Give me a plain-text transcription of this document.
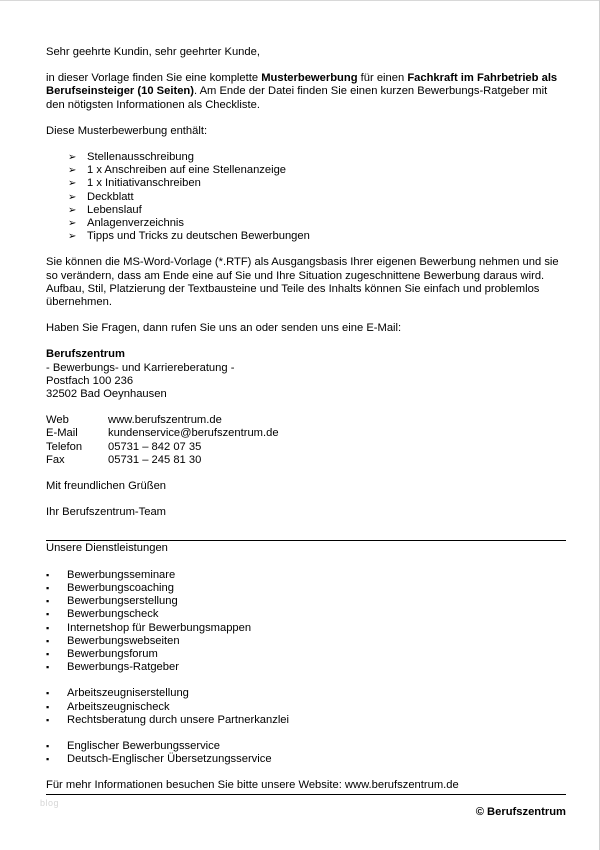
Sehr geehrte Kundin, sehr geehrter Kunde,

in dieser Vorlage finden Sie eine komplette Musterbewerbung für einen Fachkraft im Fahrbetrieb als Berufseinsteiger (10 Seiten). Am Ende der Datei finden Sie einen kurzen Bewerbungs-Ratgeber mit den nötigsten Informationen als Checkliste.

Diese Musterbewerbung enthält:

➢ Stellenausschreibung
➢ 1 x Anschreiben auf eine Stellenanzeige
➢ 1 x Initiativanschreiben
➢ Deckblatt
➢ Lebenslauf
➢ Anlagenverzeichnis
➢ Tipps und Tricks zu deutschen Bewerbungen

Sie können die MS-Word-Vorlage (*.RTF) als Ausgangsbasis Ihrer eigenen Bewerbung nehmen und sie so verändern, dass am Ende eine auf Sie und Ihre Situation zugeschnittene Bewerbung daraus wird. Aufbau, Stil, Platzierung der Textbausteine und Teile des Inhalts können Sie einfach und problemlos übernehmen.

Haben Sie Fragen, dann rufen Sie uns an oder senden uns eine E-Mail:

Berufszentrum

- Bewerbungs- und Karriereberatung -

Postfach 100 236

32502 Bad Oeynhausen

Web	www.berufszentrum.de
E-Mail	kundenservice@berufszentrum.de
Telefon	05731 – 842 07 35
Fax	05731 – 245 81 30

Mit freundlichen Grüßen

Ihr Berufszentrum-Team

Unsere Dienstleistungen

▪	Bewerbungsseminare
▪	Bewerbungscoaching
▪	Bewerbungserstellung
▪	Bewerbungscheck
▪	Internetshop für Bewerbungsmappen
▪	Bewerbungswebseiten
▪	Bewerbungsforum
▪	Bewerbungs-Ratgeber
▪	Arbeitszeugniserstellung
▪	Arbeitszeugnischeck
▪	Rechtsberatung durch unsere Partnerkanzlei
▪	Englischer Bewerbungsservice
▪	Deutsch-Englischer Übersetzungsservice

Für mehr Informationen besuchen Sie bitte unsere Website: www.berufszentrum.de

© Berufszentrum

blog
